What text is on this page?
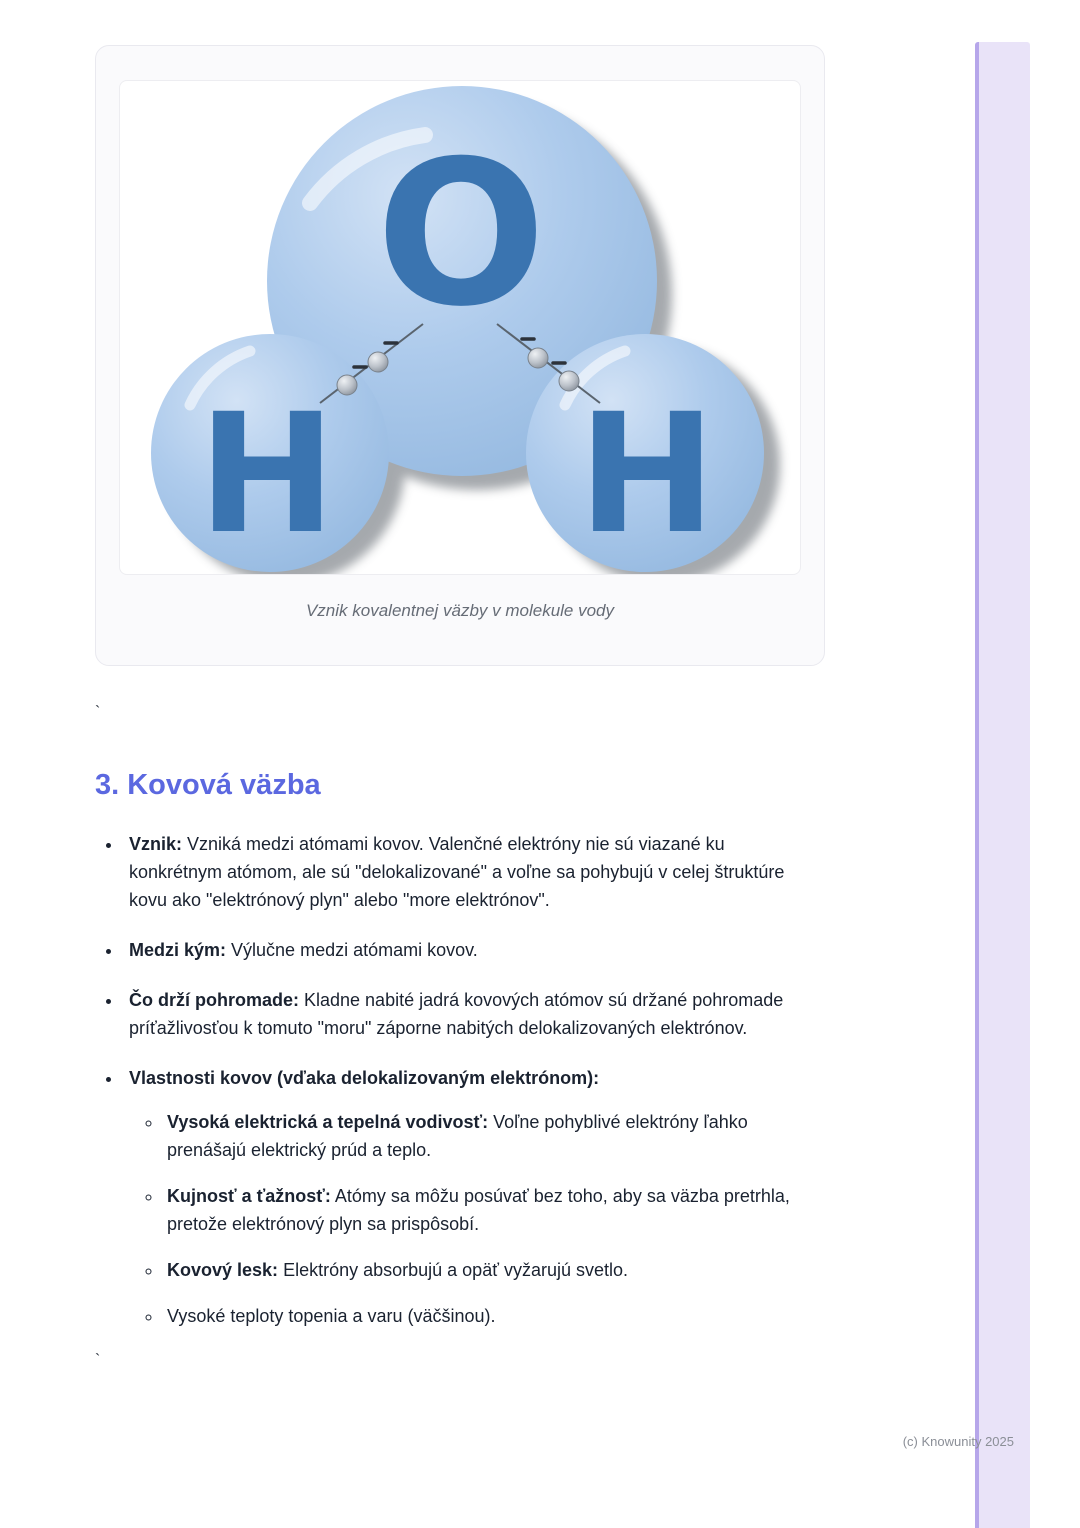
O
H H
Vznik kovalentnej väzby v molekule vody
`
3. Kovová väzba
• Vznik: Vzniká medzi atómami kovov. Valenčné elektróny nie sú viazané ku konkrétnym atómom, ale sú "delokalizované" a voľne sa pohybujú v celej štruktúre kovu ako "elektrónový plyn" alebo "more elektrónov".
• Medzi kým: Výlučne medzi atómami kovov.
• Čo drží pohromade: Kladne nabité jadrá kovových atómov sú držané pohromade príťažlivosťou k tomuto "moru" záporne nabitých delokalizovaných elektrónov.
• Vlastnosti kovov (vďaka delokalizovaným elektrónom):
◦ Vysoká elektrická a tepelná vodivosť: Voľne pohyblivé elektróny ľahko prenášajú elektrický prúd a teplo.
◦ Kujnosť a ťažnosť: Atómy sa môžu posúvať bez toho, aby sa väzba pretrhla, pretože elektrónový plyn sa prispôsobí.
◦ Kovový lesk: Elektróny absorbujú a opäť vyžarujú svetlo.
◦ Vysoké teploty topenia a varu (väčšinou).
`
(c) Knowunity 2025
